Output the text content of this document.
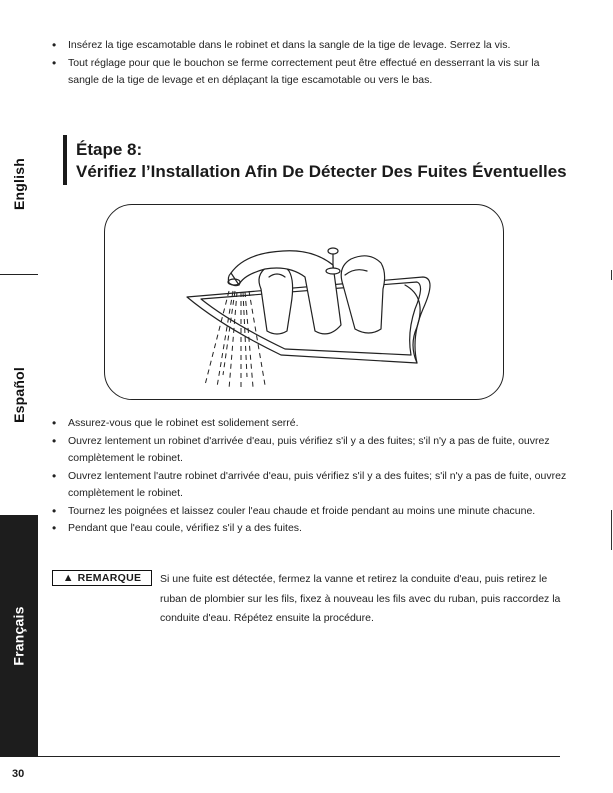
English
Español
Français
• Insérez la tige escamotable dans le robinet et dans la sangle de la tige de levage. Serrez la vis.
• Tout réglage pour que le bouchon se ferme correctement peut être effectué en desserrant la vis sur la sangle de la tige de levage et en déplaçant la tige escamotable ou vers le bas.
Étape 8:
Vérifiez l’Installation Afin De Détecter Des Fuites Éventuelles
• Assurez-vous que le robinet est solidement serré.
• Ouvrez lentement un robinet d'arrivée d'eau, puis vérifiez s'il y a des fuites; s'il n'y a pas de fuite, ouvrez complètement le robinet.
• Ouvrez lentement l'autre robinet d'arrivée d'eau, puis vérifiez s'il y a des fuites; s'il n'y a pas de fuite, ouvrez complètement le robinet.
• Tournez les poignées et laissez couler l'eau chaude et froide pendant au moins une minute chacune.
• Pendant que l'eau coule, vérifiez s'il y a des fuites.
▲ REMARQUE Si une fuite est détectée, fermez la vanne et retirez la conduite d'eau, puis retirez le ruban de plombier sur les fils, fixez à nouveau les fils avec du ruban, puis raccordez la conduite d'eau. Répétez ensuite la procédure.
30
